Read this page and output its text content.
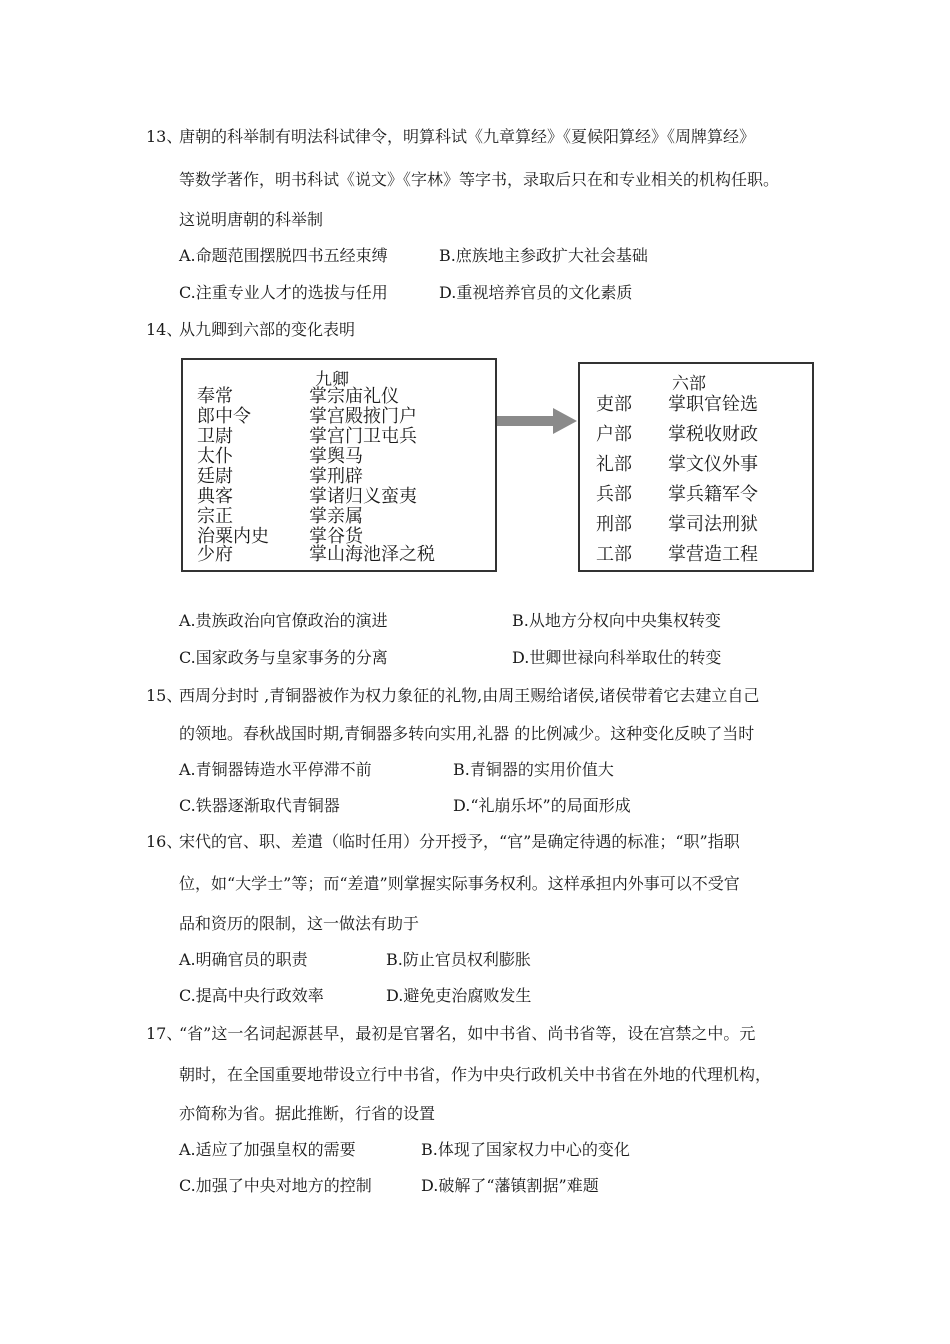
13、
唐朝的科举制有明法科试律令，明算科试《九章算经》《夏候阳算经》《周牌算经》
等数学著作，明书科试《说文》《字林》等字书，录取后只在和专业相关的机构任职。
这说明唐朝的科举制
A.命题范围摆脱四书五经束缚	B.庶族地主参政扩大社会基础
C.注重专业人才的选拔与任用	D.重视培养官员的文化素质
14、
从九卿到六部的变化表明
九卿
奉常	掌宗庙礼仪
郎中令	掌宫殿掖门户
卫尉	掌宫门卫屯兵
太仆	掌舆马
廷尉	掌刑辟
典客	掌诸归义蛮夷
宗正	掌亲属
治粟内史 掌谷货
少府	掌山海池泽之税
六部
吏部 掌职官铨选
户部 掌税收财政
礼部 掌文仪外事
兵部 掌兵籍军令
刑部 掌司法刑狱
工部 掌营造工程
A.贵族政治向官僚政治的演进	B.从地方分权向中央集权转变
C.国家政务与皇家事务的分离	D.世卿世禄向科举取仕的转变
15、
西周分封时 ,青铜器被作为权力象征的礼物,由周王赐给诸侯,诸侯带着它去建立自己
的领地。春秋战国时期,青铜器多转向实用,礼器 的比例减少。这种变化反映了当时
A.青铜器铸造水平停滞不前	B.青铜器的实用价值大
C.铁器逐渐取代青铜器	D.“礼崩乐坏”的局面形成
16、
宋代的官、职、差遣（临时任用）分开授予，“官”是确定待遇的标准；“职”指职
位，如“大学士”等；而“差遣”则掌握实际事务权利。这样承担内外事可以不受官
品和资历的限制，这一做法有助于
A.明确官员的职责	B.防止官员权利膨胀
C.提高中央行政效率	D.避免吏治腐败发生
17、
“省”这一名词起源甚早，最初是官署名，如中书省、尚书省等，设在宫禁之中。元
朝时，在全国重要地带设立行中书省，作为中央行政机关中书省在外地的代理机构，
亦简称为省。据此推断，行省的设置
A.适应了加强皇权的需要	B.体现了国家权力中心的变化
C.加强了中央对地方的控制	D.破解了“藩镇割据”难题
